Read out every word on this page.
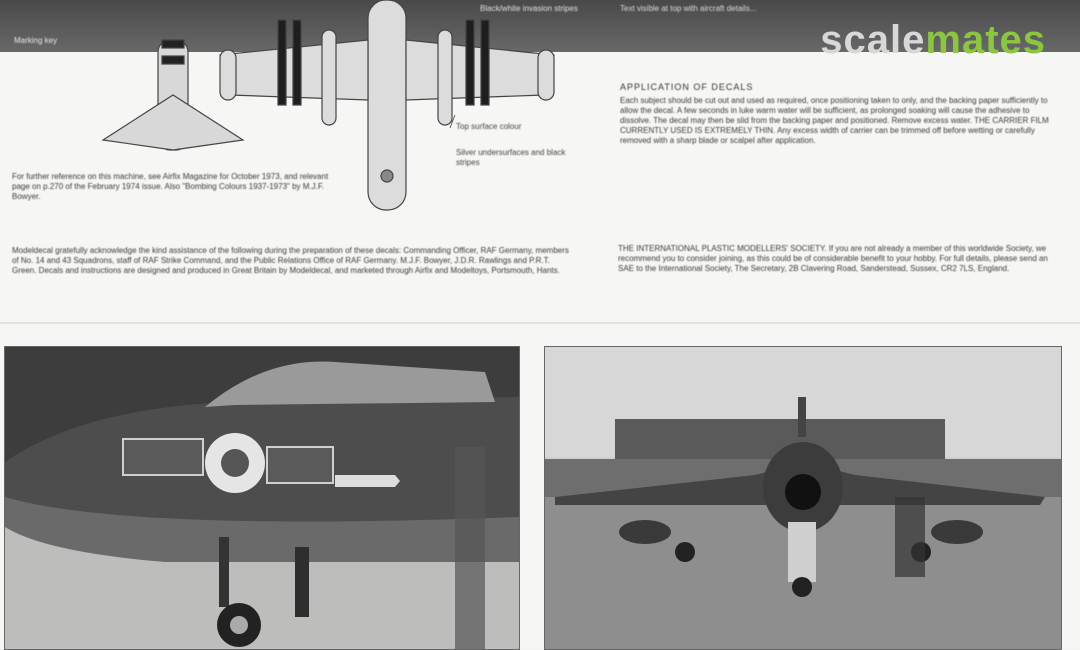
scalemates
Marking key
Top surface colour
Silver undersurfaces and black stripes
Black/white invasion stripes
For further reference on this machine, see Airfix Magazine for October 1973, and relevant page on p.270 of the February 1974 issue. Also "Bombing Colours 1937-1973" by M.J.F. Bowyer.
Text visible at top with aircraft details...
APPLICATION OF DECALS
Each subject should be cut out and used as required, once positioning taken to only, and the backing paper sufficiently to allow the decal. A few seconds in luke warm water will be sufficient, as prolonged soaking will cause the adhesive to dissolve. The decal may then be slid from the backing paper and positioned. Remove excess water. THE CARRIER FILM CURRENTLY USED IS EXTREMELY THIN. Any excess width of carrier can be trimmed off before wetting or carefully removed with a sharp blade or scalpel after application.
Modeldecal gratefully acknowledge the kind assistance of the following during the preparation of these decals: Commanding Officer, RAF Germany, members of No. 14 and 43 Squadrons, staff of RAF Strike Command, and the Public Relations Office of RAF Germany. M.J.F. Bowyer, J.D.R. Rawlings and P.R.T. Green. Decals and instructions are designed and produced in Great Britain by Modeldecal, and marketed through Airfix and Modeltoys, Portsmouth, Hants.
THE INTERNATIONAL PLASTIC MODELLERS' SOCIETY. If you are not already a member of this worldwide Society, we recommend you to consider joining, as this could be of considerable benefit to your hobby. For full details, please send an SAE to the International Society, The Secretary, 2B Clavering Road, Sanderstead, Sussex, CR2 7LS, England.
